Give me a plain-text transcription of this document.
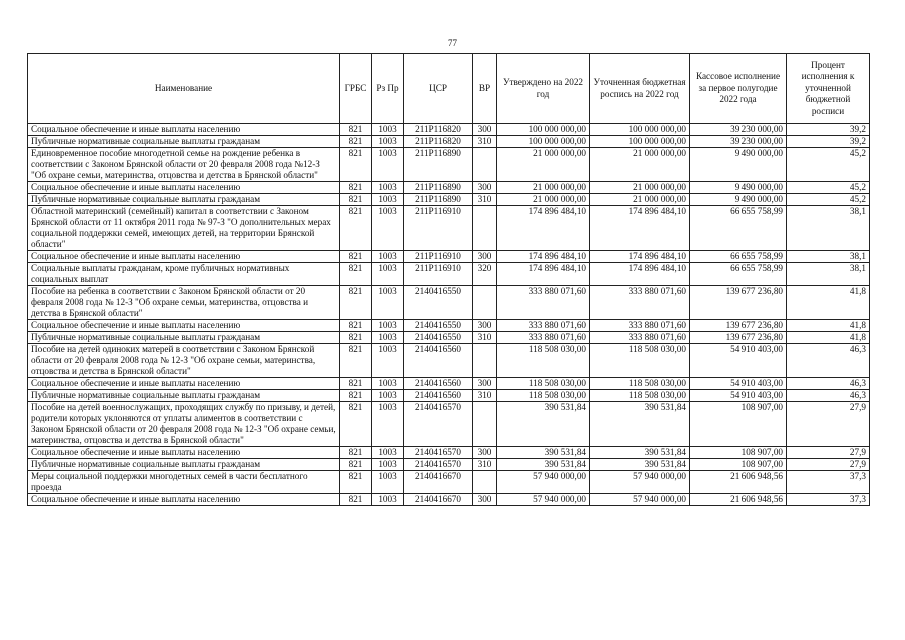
77
Наименование	ГРБС	Рз Пр	ЦСР	ВР	Утверждено на 2022 год	Уточненная бюджетная роспись на 2022 год	Кассовое исполнение за первое полугодие 2022 года	Процент исполнения к уточненной бюджетной росписи
Социальное обеспечение и иные выплаты населению	821	1003	211P116820	300	100 000 000,00	100 000 000,00	39 230 000,00	39,2
Публичные нормативные социальные выплаты гражданам	821	1003	211P116820	310	100 000 000,00	100 000 000,00	39 230 000,00	39,2
Единовременное пособие многодетной семье на рождение ребенка в соответствии с Законом Брянской области от 20 февраля 2008 года №12-З "Об охране семьи, материнства, отцовства и детства в Брянской области"	821	1003	211P116890		21 000 000,00	21 000 000,00	9 490 000,00	45,2
Социальное обеспечение и иные выплаты населению	821	1003	211P116890	300	21 000 000,00	21 000 000,00	9 490 000,00	45,2
Публичные нормативные социальные выплаты гражданам	821	1003	211P116890	310	21 000 000,00	21 000 000,00	9 490 000,00	45,2
Областной материнский (семейный) капитал в соответствии с Законом Брянской области от 11 октября 2011 года № 97-З "О дополнительных мерах социальной поддержки семей, имеющих детей, на территории Брянской области"	821	1003	211P116910		174 896 484,10	174 896 484,10	66 655 758,99	38,1
Социальное обеспечение и иные выплаты населению	821	1003	211P116910	300	174 896 484,10	174 896 484,10	66 655 758,99	38,1
Социальные выплаты гражданам, кроме публичных нормативных социальных выплат	821	1003	211P116910	320	174 896 484,10	174 896 484,10	66 655 758,99	38,1
Пособие на ребенка в соответствии с Законом Брянской области от 20 февраля 2008 года № 12-З "Об охране семьи, материнства, отцовства и детства в Брянской области"	821	1003	2140416550		333 880 071,60	333 880 071,60	139 677 236,80	41,8
Социальное обеспечение и иные выплаты населению	821	1003	2140416550	300	333 880 071,60	333 880 071,60	139 677 236,80	41,8
Публичные нормативные социальные выплаты гражданам	821	1003	2140416550	310	333 880 071,60	333 880 071,60	139 677 236,80	41,8
Пособие на детей одиноких матерей в соответствии с Законом Брянской области от 20 февраля 2008 года № 12-З "Об охране семьи, материнства, отцовства и детства в Брянской области"	821	1003	2140416560		118 508 030,00	118 508 030,00	54 910 403,00	46,3
Социальное обеспечение и иные выплаты населению	821	1003	2140416560	300	118 508 030,00	118 508 030,00	54 910 403,00	46,3
Публичные нормативные социальные выплаты гражданам	821	1003	2140416560	310	118 508 030,00	118 508 030,00	54 910 403,00	46,3
Пособие на детей военнослужащих, проходящих службу по призыву, и детей, родители которых уклоняются от уплаты алиментов в соответствии с Законом Брянской области от 20 февраля 2008 года № 12-З "Об охране семьи, материнства, отцовства и детства в Брянской области"	821	1003	2140416570		390 531,84	390 531,84	108 907,00	27,9
Социальное обеспечение и иные выплаты населению	821	1003	2140416570	300	390 531,84	390 531,84	108 907,00	27,9
Публичные нормативные социальные выплаты гражданам	821	1003	2140416570	310	390 531,84	390 531,84	108 907,00	27,9
Меры социальной поддержки многодетных семей в части бесплатного проезда	821	1003	2140416670		57 940 000,00	57 940 000,00	21 606 948,56	37,3
Социальное обеспечение и иные выплаты населению	821	1003	2140416670	300	57 940 000,00	57 940 000,00	21 606 948,56	37,3
